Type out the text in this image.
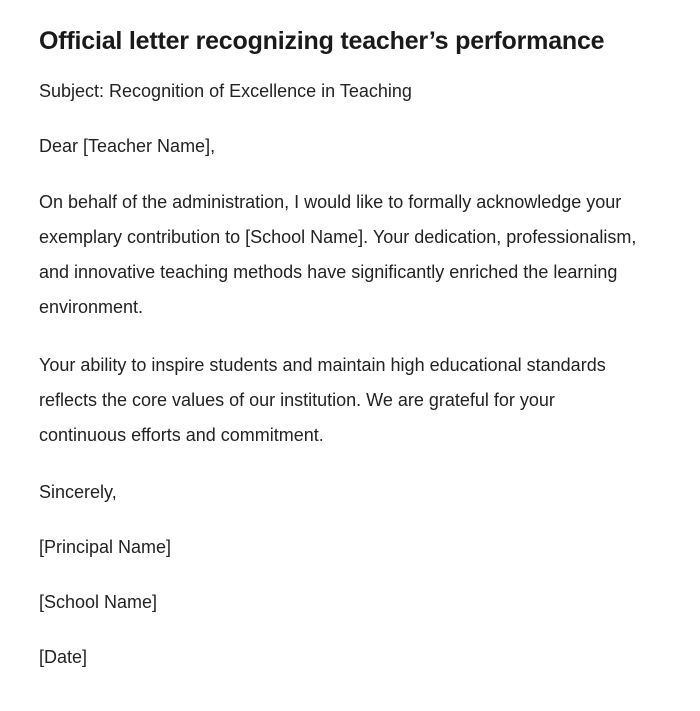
Official letter recognizing teacher’s performance

Subject: Recognition of Excellence in Teaching

Dear [Teacher Name],

On behalf of the administration, I would like to formally acknowledge your exemplary contribution to [School Name]. Your dedication, professionalism, and innovative teaching methods have significantly enriched the learning environment.

Your ability to inspire students and maintain high educational standards reflects the core values of our institution. We are grateful for your continuous efforts and commitment.

Sincerely,

[Principal Name]

[School Name]

[Date]
